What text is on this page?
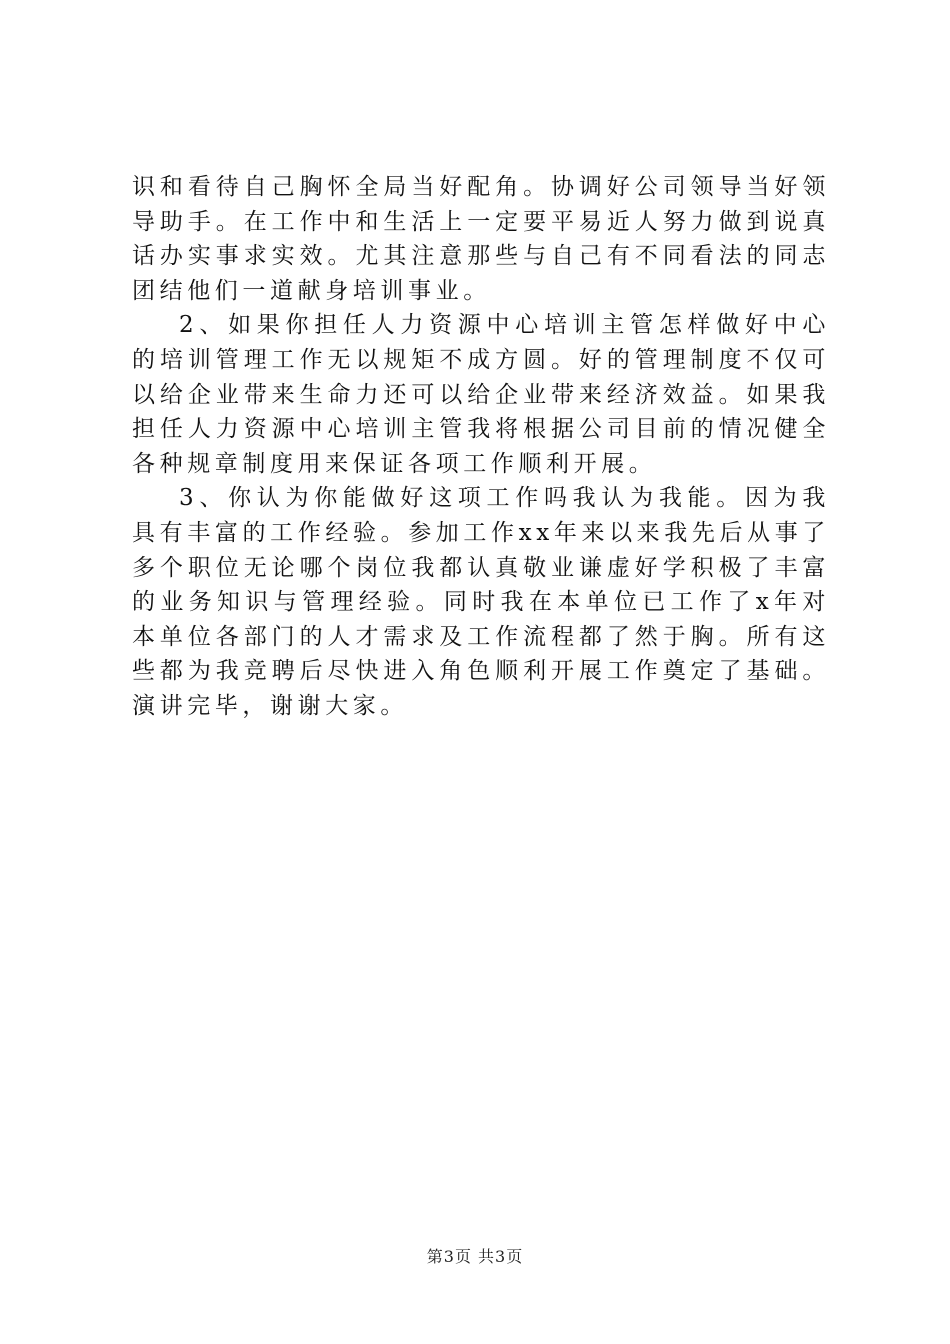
识和看待自己胸怀全局当好配角。协调好公司领导当好领导助手。在工作中和生活上一定要平易近人努力做到说真话办实事求实效。尤其注意那些与自己有不同看法的同志团结他们一道献身培训事业。

2、如果你担任人力资源中心培训主管怎样做好中心的培训管理工作无以规矩不成方圆。好的管理制度不仅可以给企业带来生命力还可以给企业带来经济效益。如果我担任人力资源中心培训主管我将根据公司目前的情况健全各种规章制度用来保证各项工作顺利开展。

3、你认为你能做好这项工作吗我认为我能。因为我具有丰富的工作经验。参加工作xx年来以来我先后从事了多个职位无论哪个岗位我都认真敬业谦虚好学积极了丰富的业务知识与管理经验。同时我在本单位已工作了x年对本单位各部门的人才需求及工作流程都了然于胸。所有这些都为我竞聘后尽快进入角色顺利开展工作奠定了基础。演讲完毕，谢谢大家。

第3页 共3页
